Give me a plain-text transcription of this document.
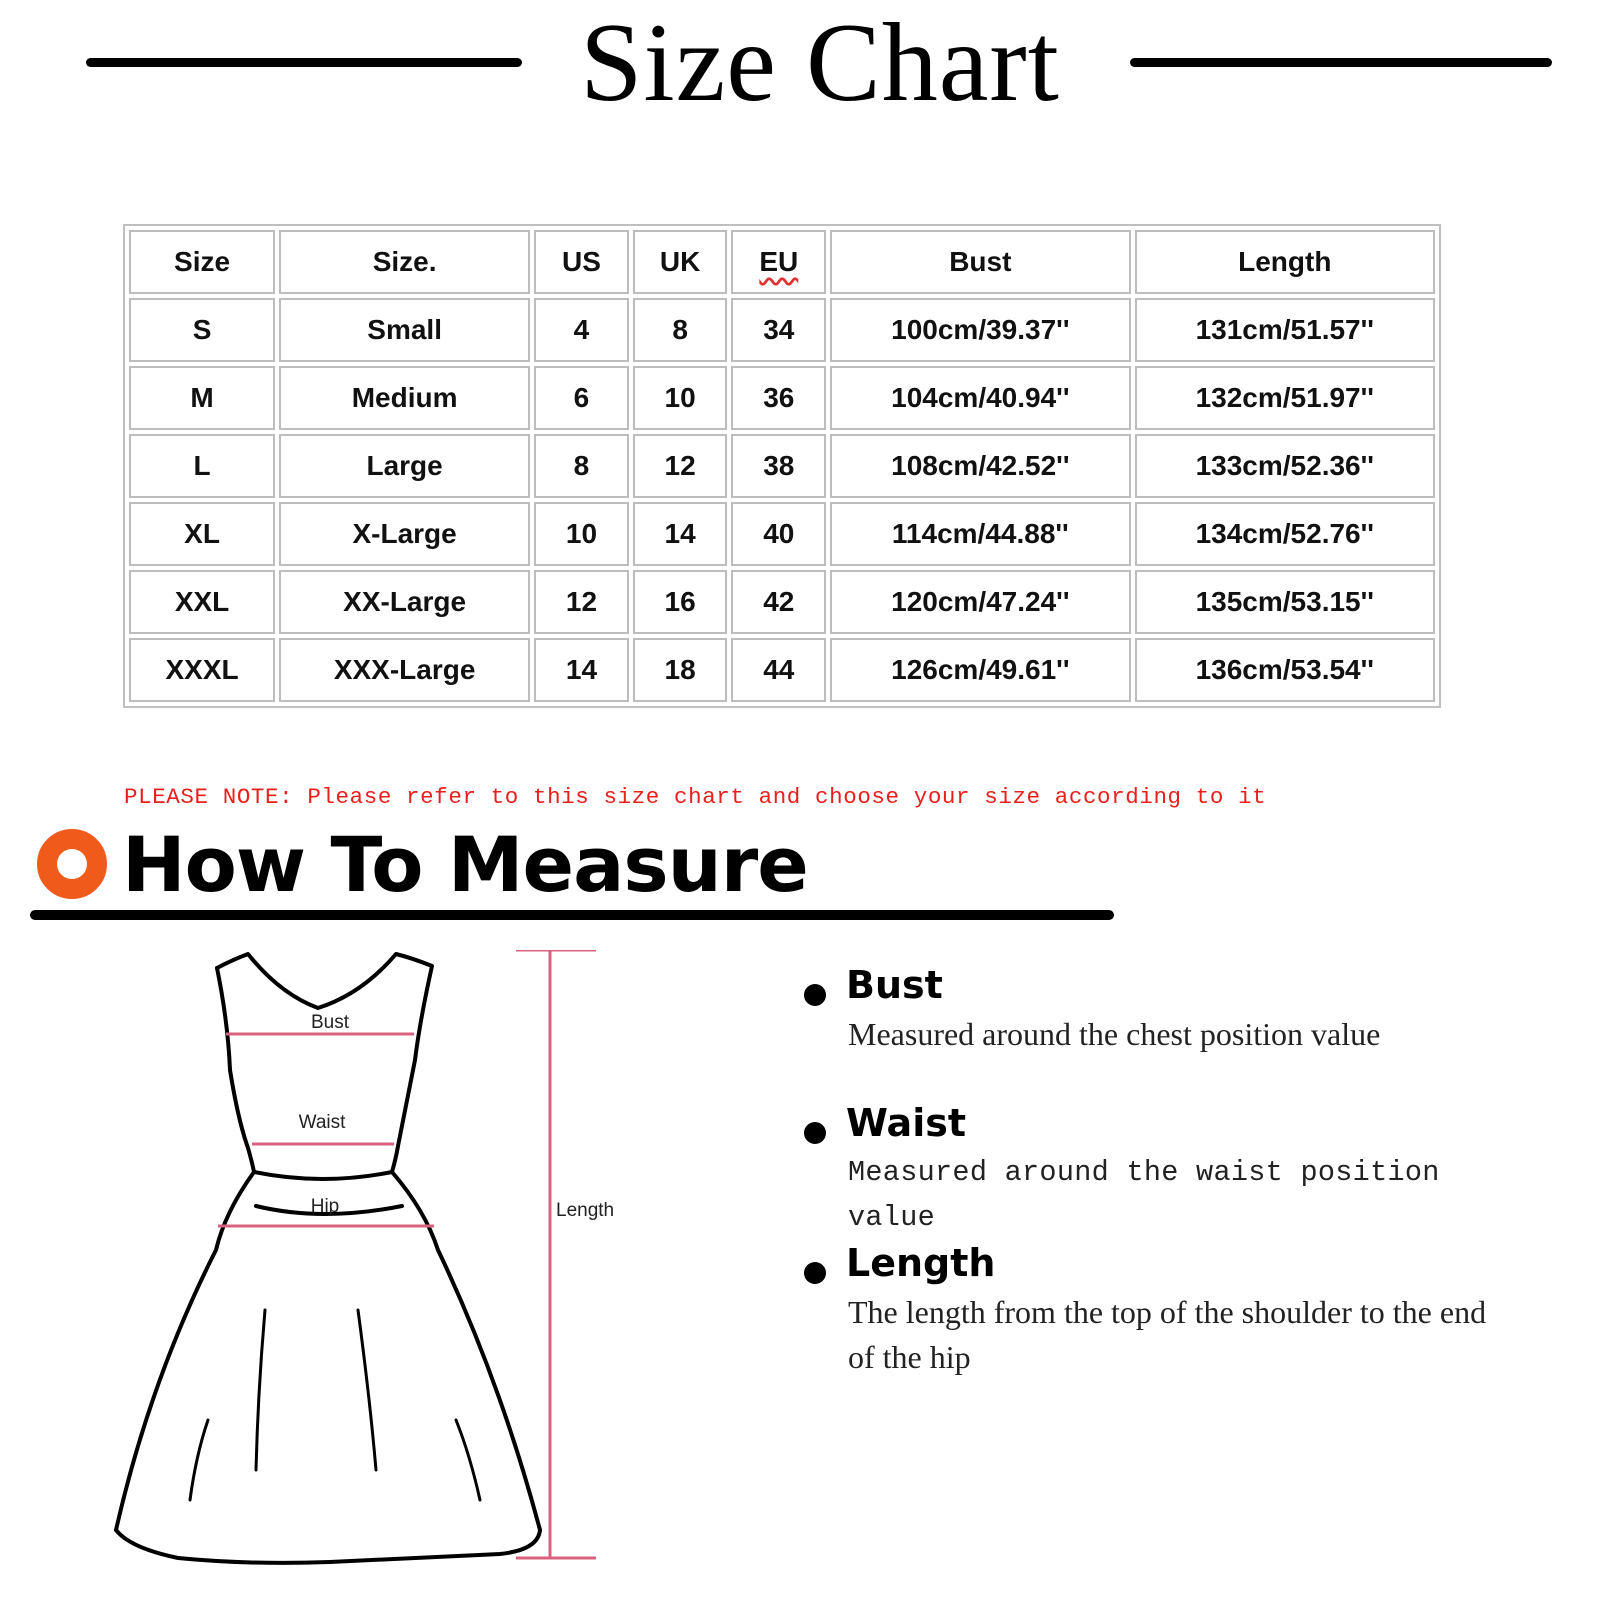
Size Chart
Size	Size.	US	UK	EU	Bust	Length
S	Small	4	8	34	100cm/39.37''	131cm/51.57''
M	Medium	6	10	36	104cm/40.94''	132cm/51.97''
L	Large	8	12	38	108cm/42.52''	133cm/52.36''
XL	X-Large	10	14	40	114cm/44.88''	134cm/52.76''
XXL	XX-Large	12	16	42	120cm/47.24''	135cm/53.15''
XXXL	XXX-Large	14	18	44	126cm/49.61''	136cm/53.54''
PLEASE NOTE: Please refer to this size chart and choose your size according to it
How To Measure
Bust
Waist
Hip	Length
Bust
Measured around the chest position value
Waist
Measured around the waist position value
Length
The length from the top of the shoulder to the end of the hip
